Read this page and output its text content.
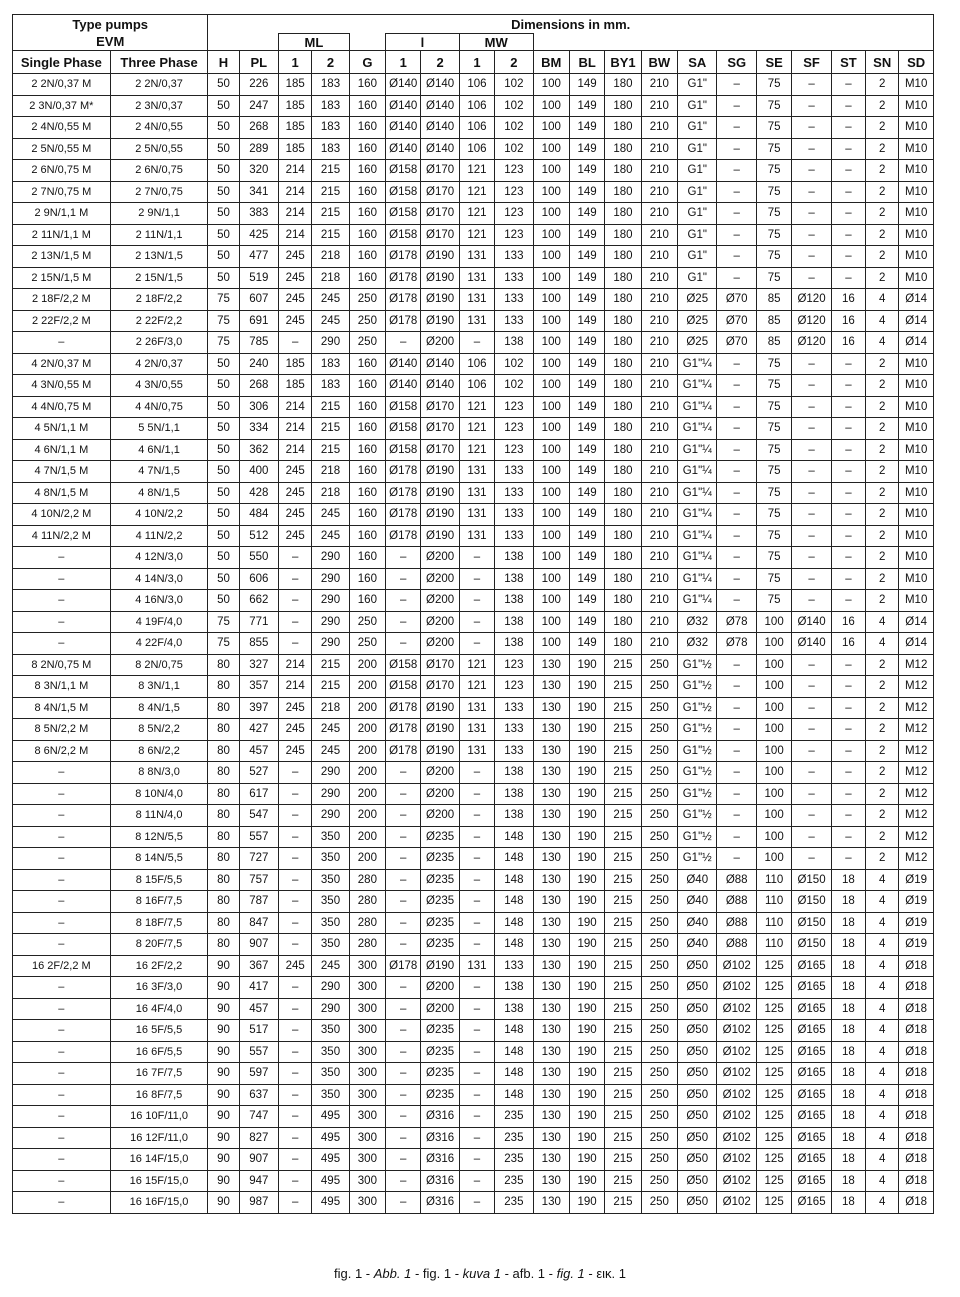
Type pumps		Dimensions in mm.																			
EVM				ML			l		MW												
Single Phase	Three Phase	H	PL	1	2	G	1	2	1	2	BM	BL	BY1	BW	SA	SG	SE	SF	ST	SN	SD
2 2N/0,37 M	2 2N/0,37	50	226	185	183	160	Ø140	Ø140	106	102	100	149	180	210	G1"	–	75	–	–	2	M10
2 3N/0,37 M*	2 3N/0,37	50	247	185	183	160	Ø140	Ø140	106	102	100	149	180	210	G1"	–	75	–	–	2	M10
2 4N/0,55 M	2 4N/0,55	50	268	185	183	160	Ø140	Ø140	106	102	100	149	180	210	G1"	–	75	–	–	2	M10
2 5N/0,55 M	2 5N/0,55	50	289	185	183	160	Ø140	Ø140	106	102	100	149	180	210	G1"	–	75	–	–	2	M10
2 6N/0,75 M	2 6N/0,75	50	320	214	215	160	Ø158	Ø170	121	123	100	149	180	210	G1"	–	75	–	–	2	M10
2 7N/0,75 M	2 7N/0,75	50	341	214	215	160	Ø158	Ø170	121	123	100	149	180	210	G1"	–	75	–	–	2	M10
2 9N/1,1 M	2 9N/1,1	50	383	214	215	160	Ø158	Ø170	121	123	100	149	180	210	G1"	–	75	–	–	2	M10
2 11N/1,1 M	2 11N/1,1	50	425	214	215	160	Ø158	Ø170	121	123	100	149	180	210	G1"	–	75	–	–	2	M10
2 13N/1,5 M	2 13N/1,5	50	477	245	218	160	Ø178	Ø190	131	133	100	149	180	210	G1"	–	75	–	–	2	M10
2 15N/1,5 M	2 15N/1,5	50	519	245	218	160	Ø178	Ø190	131	133	100	149	180	210	G1"	–	75	–	–	2	M10
2 18F/2,2 M	2 18F/2,2	75	607	245	245	250	Ø178	Ø190	131	133	100	149	180	210	Ø25	Ø70	85	Ø120	16	4	Ø14
2 22F/2,2 M	2 22F/2,2	75	691	245	245	250	Ø178	Ø190	131	133	100	149	180	210	Ø25	Ø70	85	Ø120	16	4	Ø14
–	2 26F/3,0	75	785	–	290	250	–	Ø200	–	138	100	149	180	210	Ø25	Ø70	85	Ø120	16	4	Ø14
4 2N/0,37 M	4 2N/0,37	50	240	185	183	160	Ø140	Ø140	106	102	100	149	180	210	G1"¼	–	75	–	–	2	M10
4 3N/0,55 M	4 3N/0,55	50	268	185	183	160	Ø140	Ø140	106	102	100	149	180	210	G1"¼	–	75	–	–	2	M10
4 4N/0,75 M	4 4N/0,75	50	306	214	215	160	Ø158	Ø170	121	123	100	149	180	210	G1"¼	–	75	–	–	2	M10
4 5N/1,1 M	5 5N/1,1	50	334	214	215	160	Ø158	Ø170	121	123	100	149	180	210	G1"¼	–	75	–	–	2	M10
4 6N/1,1 M	4 6N/1,1	50	362	214	215	160	Ø158	Ø170	121	123	100	149	180	210	G1"¼	–	75	–	–	2	M10
4 7N/1,5 M	4 7N/1,5	50	400	245	218	160	Ø178	Ø190	131	133	100	149	180	210	G1"¼	–	75	–	–	2	M10
4 8N/1,5 M	4 8N/1,5	50	428	245	218	160	Ø178	Ø190	131	133	100	149	180	210	G1"¼	–	75	–	–	2	M10
4 10N/2,2 M	4 10N/2,2	50	484	245	245	160	Ø178	Ø190	131	133	100	149	180	210	G1"¼	–	75	–	–	2	M10
4 11N/2,2 M	4 11N/2,2	50	512	245	245	160	Ø178	Ø190	131	133	100	149	180	210	G1"¼	–	75	–	–	2	M10
–	4 12N/3,0	50	550	–	290	160	–	Ø200	–	138	100	149	180	210	G1"¼	–	75	–	–	2	M10
–	4 14N/3,0	50	606	–	290	160	–	Ø200	–	138	100	149	180	210	G1"¼	–	75	–	–	2	M10
–	4 16N/3,0	50	662	–	290	160	–	Ø200	–	138	100	149	180	210	G1"¼	–	75	–	–	2	M10
–	4 19F/4,0	75	771	–	290	250	–	Ø200	–	138	100	149	180	210	Ø32	Ø78	100	Ø140	16	4	Ø14
–	4 22F/4,0	75	855	–	290	250	–	Ø200	–	138	100	149	180	210	Ø32	Ø78	100	Ø140	16	4	Ø14
8 2N/0,75 M	8 2N/0,75	80	327	214	215	200	Ø158	Ø170	121	123	130	190	215	250	G1"½	–	100	–	–	2	M12
8 3N/1,1 M	8 3N/1,1	80	357	214	215	200	Ø158	Ø170	121	123	130	190	215	250	G1"½	–	100	–	–	2	M12
8 4N/1,5 M	8 4N/1,5	80	397	245	218	200	Ø178	Ø190	131	133	130	190	215	250	G1"½	–	100	–	–	2	M12
8 5N/2,2 M	8 5N/2,2	80	427	245	245	200	Ø178	Ø190	131	133	130	190	215	250	G1"½	–	100	–	–	2	M12
8 6N/2,2 M	8 6N/2,2	80	457	245	245	200	Ø178	Ø190	131	133	130	190	215	250	G1"½	–	100	–	–	2	M12
–	8 8N/3,0	80	527	–	290	200	–	Ø200	–	138	130	190	215	250	G1"½	–	100	–	–	2	M12
–	8 10N/4,0	80	617	–	290	200	–	Ø200	–	138	130	190	215	250	G1"½	–	100	–	–	2	M12
–	8 11N/4,0	80	547	–	290	200	–	Ø200	–	138	130	190	215	250	G1"½	–	100	–	–	2	M12
–	8 12N/5,5	80	557	–	350	200	–	Ø235	–	148	130	190	215	250	G1"½	–	100	–	–	2	M12
–	8 14N/5,5	80	727	–	350	200	–	Ø235	–	148	130	190	215	250	G1"½	–	100	–	–	2	M12
–	8 15F/5,5	80	757	–	350	280	–	Ø235	–	148	130	190	215	250	Ø40	Ø88	110	Ø150	18	4	Ø19
–	8 16F/7,5	80	787	–	350	280	–	Ø235	–	148	130	190	215	250	Ø40	Ø88	110	Ø150	18	4	Ø19
–	8 18F/7,5	80	847	–	350	280	–	Ø235	–	148	130	190	215	250	Ø40	Ø88	110	Ø150	18	4	Ø19
–	8 20F/7,5	80	907	–	350	280	–	Ø235	–	148	130	190	215	250	Ø40	Ø88	110	Ø150	18	4	Ø19
16 2F/2,2 M	16 2F/2,2	90	367	245	245	300	Ø178	Ø190	131	133	130	190	215	250	Ø50	Ø102	125	Ø165	18	4	Ø18
–	16 3F/3,0	90	417	–	290	300	–	Ø200	–	138	130	190	215	250	Ø50	Ø102	125	Ø165	18	4	Ø18
–	16 4F/4,0	90	457	–	290	300	–	Ø200	–	138	130	190	215	250	Ø50	Ø102	125	Ø165	18	4	Ø18
–	16 5F/5,5	90	517	–	350	300	–	Ø235	–	148	130	190	215	250	Ø50	Ø102	125	Ø165	18	4	Ø18
–	16 6F/5,5	90	557	–	350	300	–	Ø235	–	148	130	190	215	250	Ø50	Ø102	125	Ø165	18	4	Ø18
–	16 7F/7,5	90	597	–	350	300	–	Ø235	–	148	130	190	215	250	Ø50	Ø102	125	Ø165	18	4	Ø18
–	16 8F/7,5	90	637	–	350	300	–	Ø235	–	148	130	190	215	250	Ø50	Ø102	125	Ø165	18	4	Ø18
–	16 10F/11,0	90	747	–	495	300	–	Ø316	–	235	130	190	215	250	Ø50	Ø102	125	Ø165	18	4	Ø18
–	16 12F/11,0	90	827	–	495	300	–	Ø316	–	235	130	190	215	250	Ø50	Ø102	125	Ø165	18	4	Ø18
–	16 14F/15,0	90	907	–	495	300	–	Ø316	–	235	130	190	215	250	Ø50	Ø102	125	Ø165	18	4	Ø18
–	16 15F/15,0	90	947	–	495	300	–	Ø316	–	235	130	190	215	250	Ø50	Ø102	125	Ø165	18	4	Ø18
–	16 16F/15,0	90	987	–	495	300	–	Ø316	–	235	130	190	215	250	Ø50	Ø102	125	Ø165	18	4	Ø18
fig. 1 - Abb. 1 - fig. 1 - kuva 1 - afb. 1 - fig. 1 - εικ. 1
